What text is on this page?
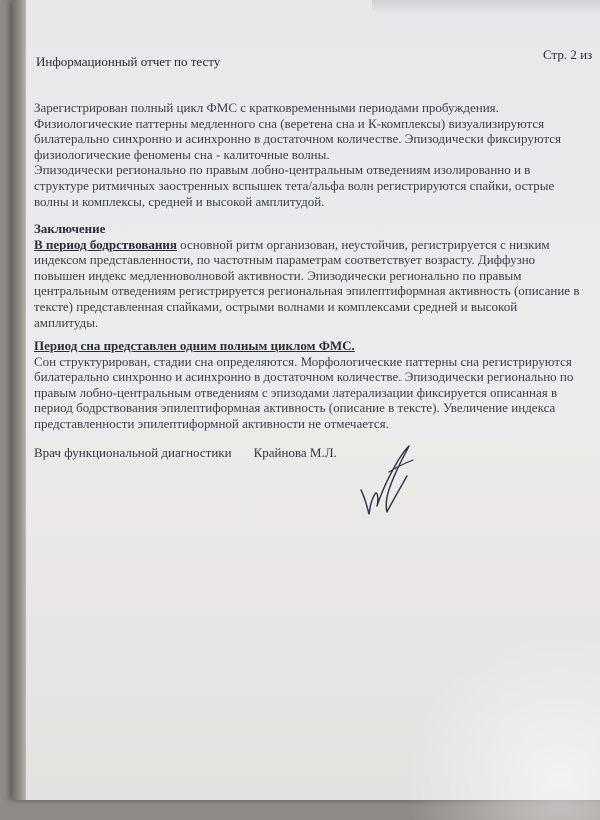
Информационный отчет по тесту	Стр. 2 из
Зарегистрирован полный цикл ФМС с кратковременными периодами пробуждения.
Физиологические паттерны медленного сна (веретена сна и К-комплексы) визуализируются
билатерально синхронно и асинхронно в достаточном количестве. Эпизодически фиксируются
физиологические феномены сна - калиточные волны.
Эпизодически регионально по правым лобно-центральным отведениям изолированно и в
структуре ритмичных заостренных вспышек тета/альфа волн регистрируются спайки, острые
волны и комплексы, средней и высокой амплитудой.
Заключение
В период бодрствования основной ритм организован, неустойчив, регистрируется с низким
индексом представленности, по частотным параметрам соответствует возрасту. Диффузно
повышен индекс медленноволновой активности. Эпизодически регионально по правым
центральным отведениям регистрируется региональная эпилептиформная активность (описание в
тексте) представленная спайками, острыми волнами и комплексами средней и высокой
амплитуды.
Период сна представлен одним полным циклом ФМС.
Сон структурирован, стадии сна определяются. Морфологические паттерны сна регистрируются
билатерально синхронно и асинхронно в достаточном количестве. Эпизодически регионально по
правым лобно-центральным отведениям с эпизодами латерализации фиксируется описанная в
период бодрствования эпилептиформная активность (описание в тексте). Увеличение индекса
представленности эпилептиформной активности не отмечается.
Врач функциональной диагностики Крайнова М.Л.
